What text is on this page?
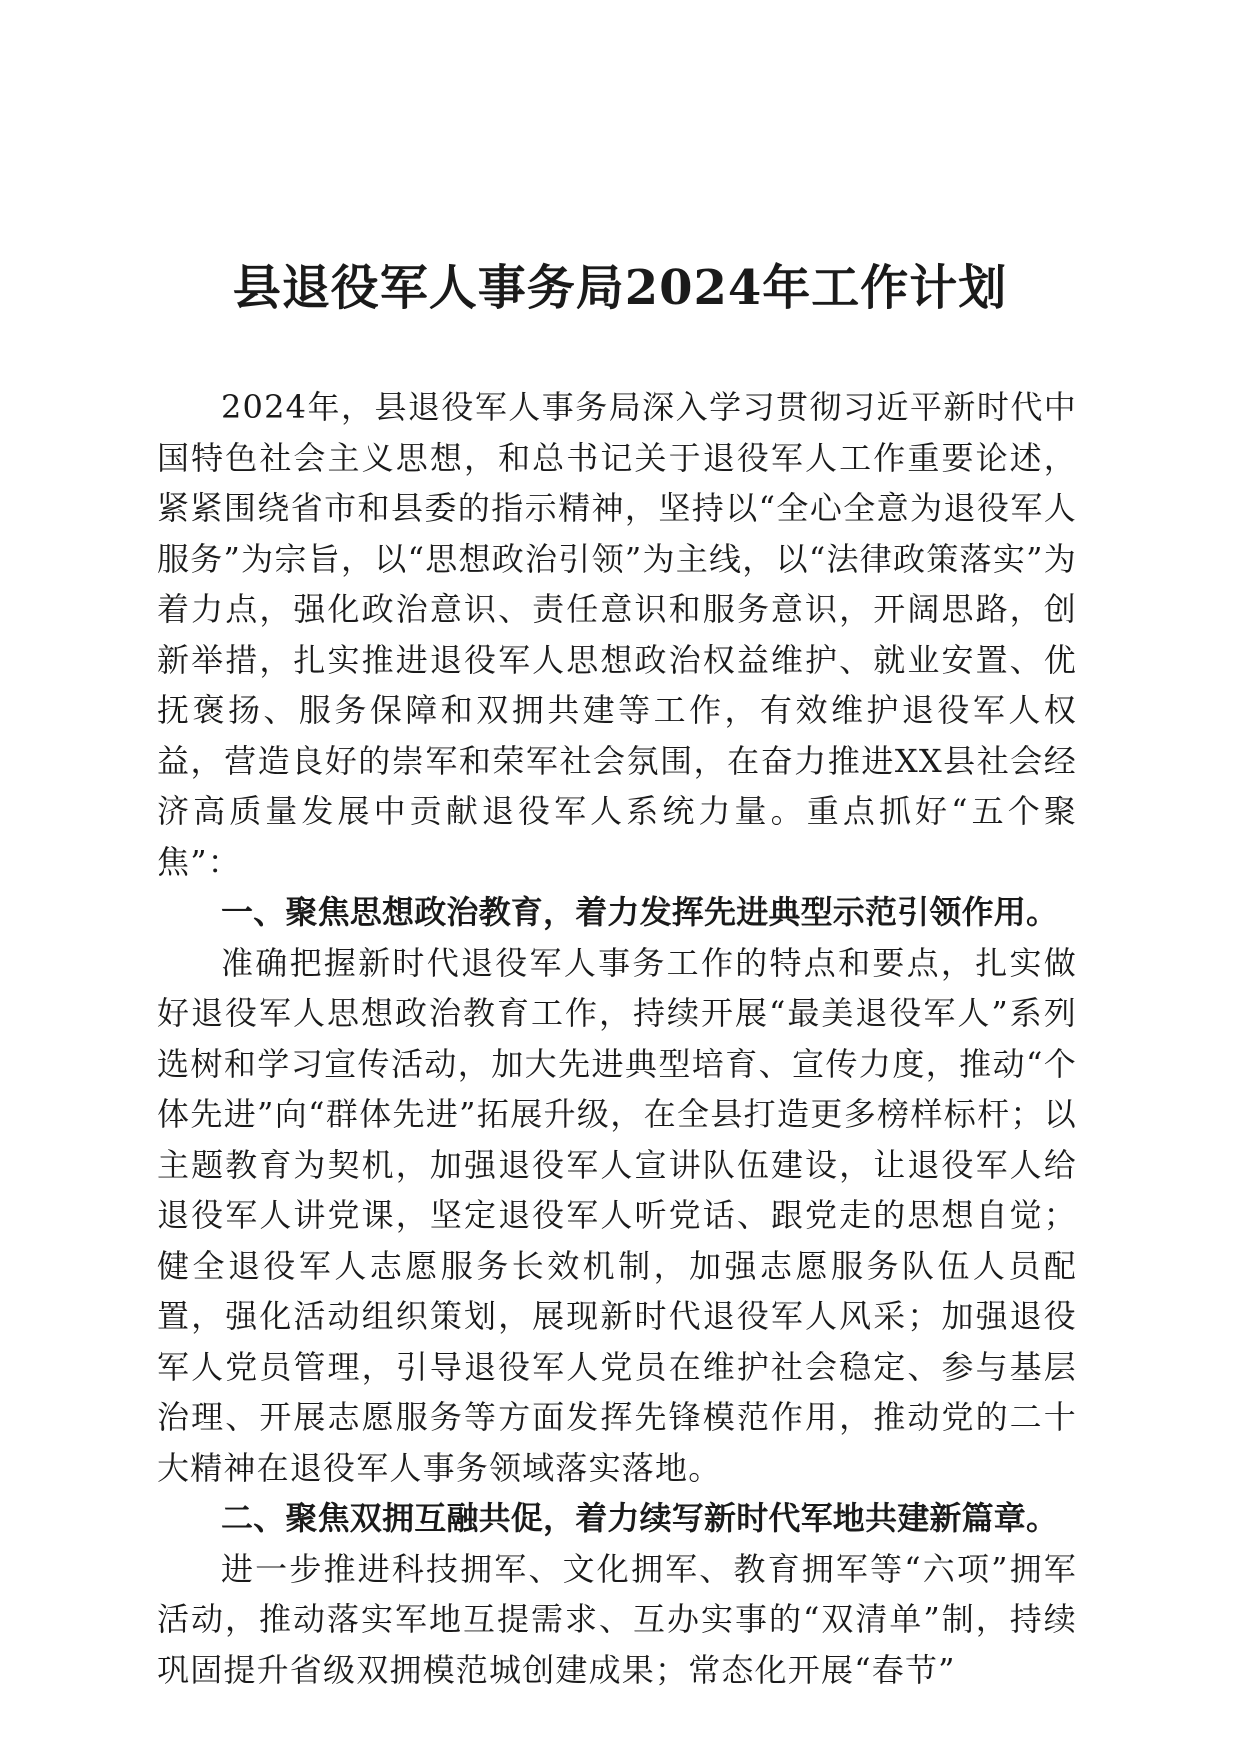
县退役军人事务局2024年工作计划

2024年，县退役军人事务局深入学习贯彻习近平新时代中国特色社会主义思想，和总书记关于退役军人工作重要论述，紧紧围绕省市和县委的指示精神，坚持以“全心全意为退役军人服务”为宗旨，以“思想政治引领”为主线，以“法律政策落实”为着力点，强化政治意识、责任意识和服务意识，开阔思路，创新举措，扎实推进退役军人思想政治权益维护、就业安置、优抚褒扬、服务保障和双拥共建等工作，有效维护退役军人权益，营造良好的崇军和荣军社会氛围，在奋力推进XX县社会经济高质量发展中贡献退役军人系统力量。重点抓好“五个聚焦”：

一、聚焦思想政治教育，着力发挥先进典型示范引领作用。

准确把握新时代退役军人事务工作的特点和要点，扎实做好退役军人思想政治教育工作，持续开展“最美退役军人”系列选树和学习宣传活动，加大先进典型培育、宣传力度，推动“个体先进”向“群体先进”拓展升级，在全县打造更多榜样标杆；以主题教育为契机，加强退役军人宣讲队伍建设，让退役军人给退役军人讲党课，坚定退役军人听党话、跟党走的思想自觉；健全退役军人志愿服务长效机制，加强志愿服务队伍人员配置，强化活动组织策划，展现新时代退役军人风采；加强退役军人党员管理，引导退役军人党员在维护社会稳定、参与基层治理、开展志愿服务等方面发挥先锋模范作用，推动党的二十大精神在退役军人事务领域落实落地。

二、聚焦双拥互融共促，着力续写新时代军地共建新篇章。

进一步推进科技拥军、文化拥军、教育拥军等“六项”拥军活动，推动落实军地互提需求、互办实事的“双清单”制，持续巩固提升省级双拥模范城创建成果；常态化开展“春节”
